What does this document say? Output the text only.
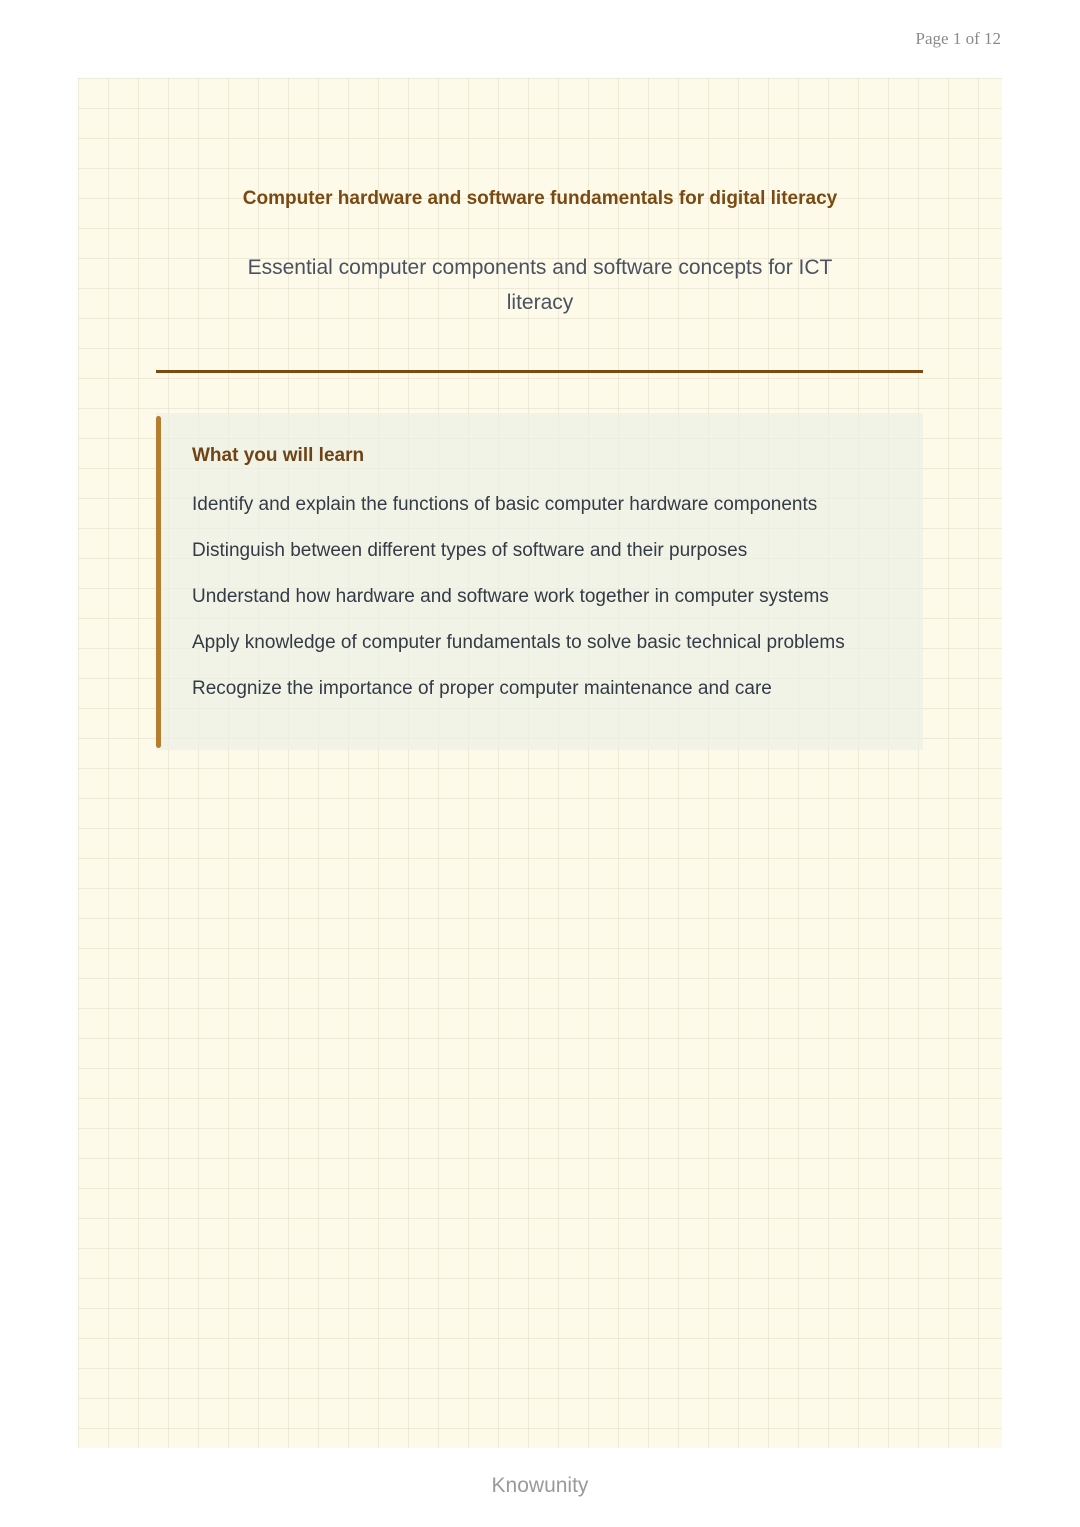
Page 1 of 12
Computer hardware and software fundamentals for digital literacy
Essential computer components and software concepts for ICT literacy
What you will learn
Identify and explain the functions of basic computer hardware components
Distinguish between different types of software and their purposes
Understand how hardware and software work together in computer systems
Apply knowledge of computer fundamentals to solve basic technical problems
Recognize the importance of proper computer maintenance and care
Knowunity
